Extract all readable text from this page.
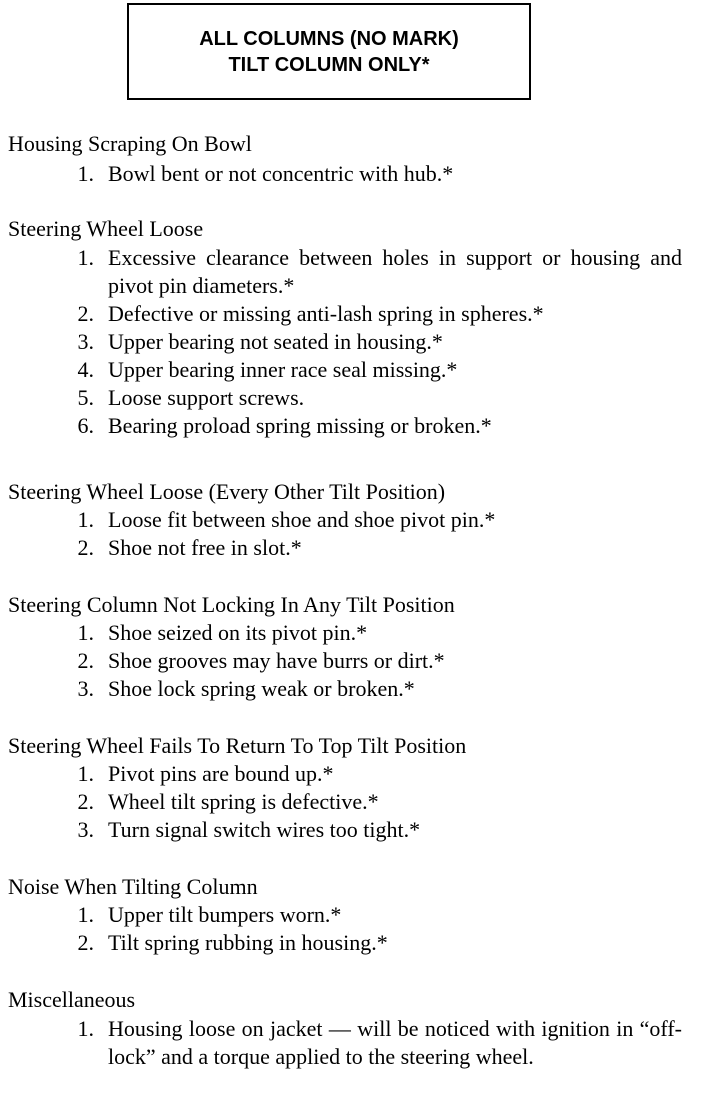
ALL COLUMNS (NO MARK)
TILT COLUMN ONLY*
Housing Scraping On Bowl
1. Bowl bent or not concentric with hub.*
Steering Wheel Loose
1. Excessive clearance between holes in support or housing and pivot pin diameters.*
2. Defective or missing anti-lash spring in spheres.*
3. Upper bearing not seated in housing.*
4. Upper bearing inner race seal missing.*
5. Loose support screws.
6. Bearing proload spring missing or broken.*
Steering Wheel Loose (Every Other Tilt Position)
1. Loose fit between shoe and shoe pivot pin.*
2. Shoe not free in slot.*
Steering Column Not Locking In Any Tilt Position
1. Shoe seized on its pivot pin.*
2. Shoe grooves may have burrs or dirt.*
3. Shoe lock spring weak or broken.*
Steering Wheel Fails To Return To Top Tilt Position
1. Pivot pins are bound up.*
2. Wheel tilt spring is defective.*
3. Turn signal switch wires too tight.*
Noise When Tilting Column
1. Upper tilt bumpers worn.*
2. Tilt spring rubbing in housing.*
Miscellaneous
1. Housing loose on jacket — will be noticed with ignition in “off-lock” and a torque applied to the steering wheel.
